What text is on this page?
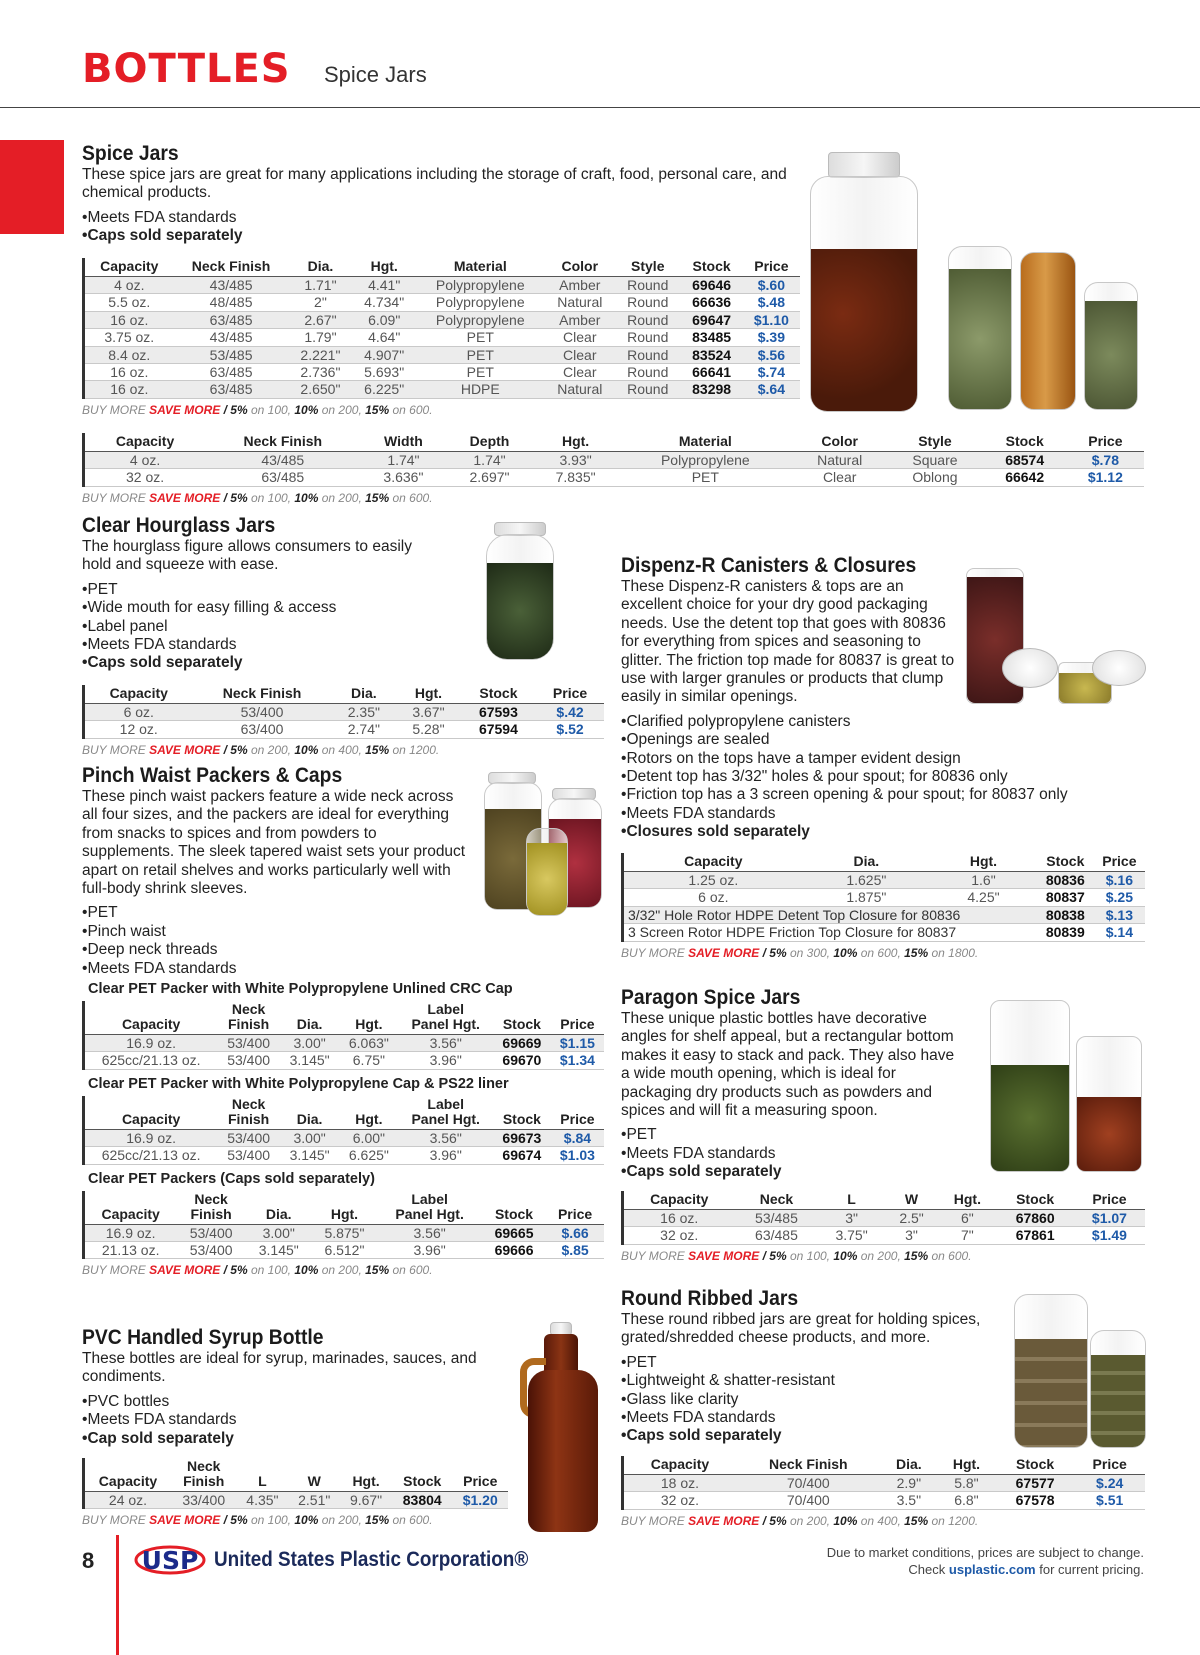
BOTTLES Spice Jars
Spice Jars

These spice jars are great for many applications including the storage of craft, food, personal care, and chemical products.

• Meets FDA standards
• Caps sold separately
Capacity	Neck Finish	Dia.	Hgt.	Material	Color	Style	Stock	Price
4 oz.	43/485	1.71"	4.41"	Polypropylene	Amber	Round	69646	$.60
5.5 oz.	48/485	2"	4.734"	Polypropylene	Natural	Round	66636	$.48
16 oz.	63/485	2.67"	6.09"	Polypropylene	Amber	Round	69647	$1.10
3.75 oz.	43/485	1.79"	4.64"	PET	Clear	Round	83485	$.39
8.4 oz.	53/485	2.221"	4.907"	PET	Clear	Round	83524	$.56
16 oz.	63/485	2.736"	5.693"	PET	Clear	Round	66641	$.74
16 oz.	63/485	2.650"	6.225"	HDPE	Natural	Round	83298	$.64
BUY MORE SAVE MORE / 5% on 100, 10% on 200, 15% on 600.
Capacity	Neck Finish	Width	Depth	Hgt.	Material	Color	Style	Stock	Price
4 oz.	43/485	1.74"	1.74"	3.93"	Polypropylene	Natural	Square	68574	$.78
32 oz.	63/485	3.636"	2.697"	7.835"	PET	Clear	Oblong	66642	$1.12
BUY MORE SAVE MORE / 5% on 100, 10% on 200, 15% on 600.
Clear Hourglass Jars

The hourglass figure allows consumers to easily hold and squeeze with ease.

• PET
• Wide mouth for easy filling & access
• Label panel
• Meets FDA standards
• Caps sold separately
Capacity	Neck Finish	Dia.	Hgt.	Stock	Price
6 oz.	53/400	2.35"	3.67"	67593	$.42
12 oz.	63/400	2.74"	5.28"	67594	$.52
BUY MORE SAVE MORE / 5% on 200, 10% on 400, 15% on 1200.
Pinch Waist Packers & Caps

These pinch waist packers feature a wide neck across all four sizes, and the packers are ideal for everything from snacks to spices and from powders to supplements. The sleek tapered waist sets your product apart on retail shelves and works particularly well with full-body shrink sleeves.

• PET
• Pinch waist
• Deep neck threads
• Meets FDA standards
Clear PET Packer with White Polypropylene Unlined CRC Cap
Capacity	Neck
Finish	Dia.	Hgt.	Label
Panel Hgt.	Stock	Price
16.9 oz.	53/400	3.00"	6.063"	3.56"	69669	$1.15
625cc/21.13 oz.	53/400	3.145"	6.75"	3.96"	69670	$1.34
Clear PET Packer with White Polypropylene Cap & PS22 liner
Capacity	Neck
Finish	Dia.	Hgt.	Label
Panel Hgt.	Stock	Price
16.9 oz.	53/400	3.00"	6.00"	3.56"	69673	$.84
625cc/21.13 oz.	53/400	3.145"	6.625"	3.96"	69674	$1.03
Clear PET Packers (Caps sold separately)
Capacity	Neck
Finish	Dia.	Hgt.	Label
Panel Hgt.	Stock	Price
16.9 oz.	53/400	3.00"	5.875"	3.56"	69665	$.66
21.13 oz.	53/400	3.145"	6.512"	3.96"	69666	$.85
BUY MORE SAVE MORE / 5% on 100, 10% on 200, 15% on 600.
PVC Handled Syrup Bottle

These bottles are ideal for syrup, marinades, sauces, and condiments.

• PVC bottles
• Meets FDA standards
• Cap sold separately
Capacity	Neck
Finish	L	W	Hgt.	Stock	Price
24 oz.	33/400	4.35"	2.51"	9.67"	83804	$1.20
BUY MORE SAVE MORE / 5% on 100, 10% on 200, 15% on 600.
Dispenz-R Canisters & Closures

These Dispenz-R canisters & tops are an excellent choice for your dry good packaging needs. Use the detent top that goes with 80836 for everything from spices and seasoning to glitter. The friction top made for 80837 is great to use with larger granules or products that clump easily in similar openings.

• Clarified polypropylene canisters
• Openings are sealed
• Rotors on the tops have a tamper evident design
• Detent top has 3/32" holes & pour spout; for 80836 only
• Friction top has a 3 screen opening & pour spout; for 80837 only
• Meets FDA standards
• Closures sold separately
Capacity	Dia.	Hgt.	Stock	Price
1.25 oz.	1.625"	1.6"	80836	$.16
6 oz.	1.875"	4.25"	80837	$.25
3/32" Hole Rotor HDPE Detent Top Closure for 80836			80838	$.13
3 Screen Rotor HDPE Friction Top Closure for 80837			80839	$.14
BUY MORE SAVE MORE / 5% on 300, 10% on 600, 15% on 1800.
Paragon Spice Jars

These unique plastic bottles have decorative angles for shelf appeal, but a rectangular bottom makes it easy to stack and pack. They also have a wide mouth opening, which is ideal for packaging dry products such as powders and spices and will fit a measuring spoon.

• PET
• Meets FDA standards
• Caps sold separately
Capacity	Neck	L	W	Hgt.	Stock	Price
16 oz.	53/485	3"	2.5"	6"	67860	$1.07
32 oz.	63/485	3.75"	3"	7"	67861	$1.49
BUY MORE SAVE MORE / 5% on 100, 10% on 200, 15% on 600.
Round Ribbed Jars

These round ribbed jars are great for holding spices, grated/shredded cheese products, and more.

• PET
• Lightweight & shatter-resistant
• Glass like clarity
• Meets FDA standards
• Caps sold separately
Capacity	Neck Finish	Dia.	Hgt.	Stock	Price
18 oz.	70/400	2.9"	5.8"	67577	$.24
32 oz.	70/400	3.5"	6.8"	67578	$.51
BUY MORE SAVE MORE / 5% on 200, 10% on 400, 15% on 1200.
8 USP United States Plastic Corporation®	Due to market conditions, prices are subject to change.
Check usplastic.com for current pricing.
